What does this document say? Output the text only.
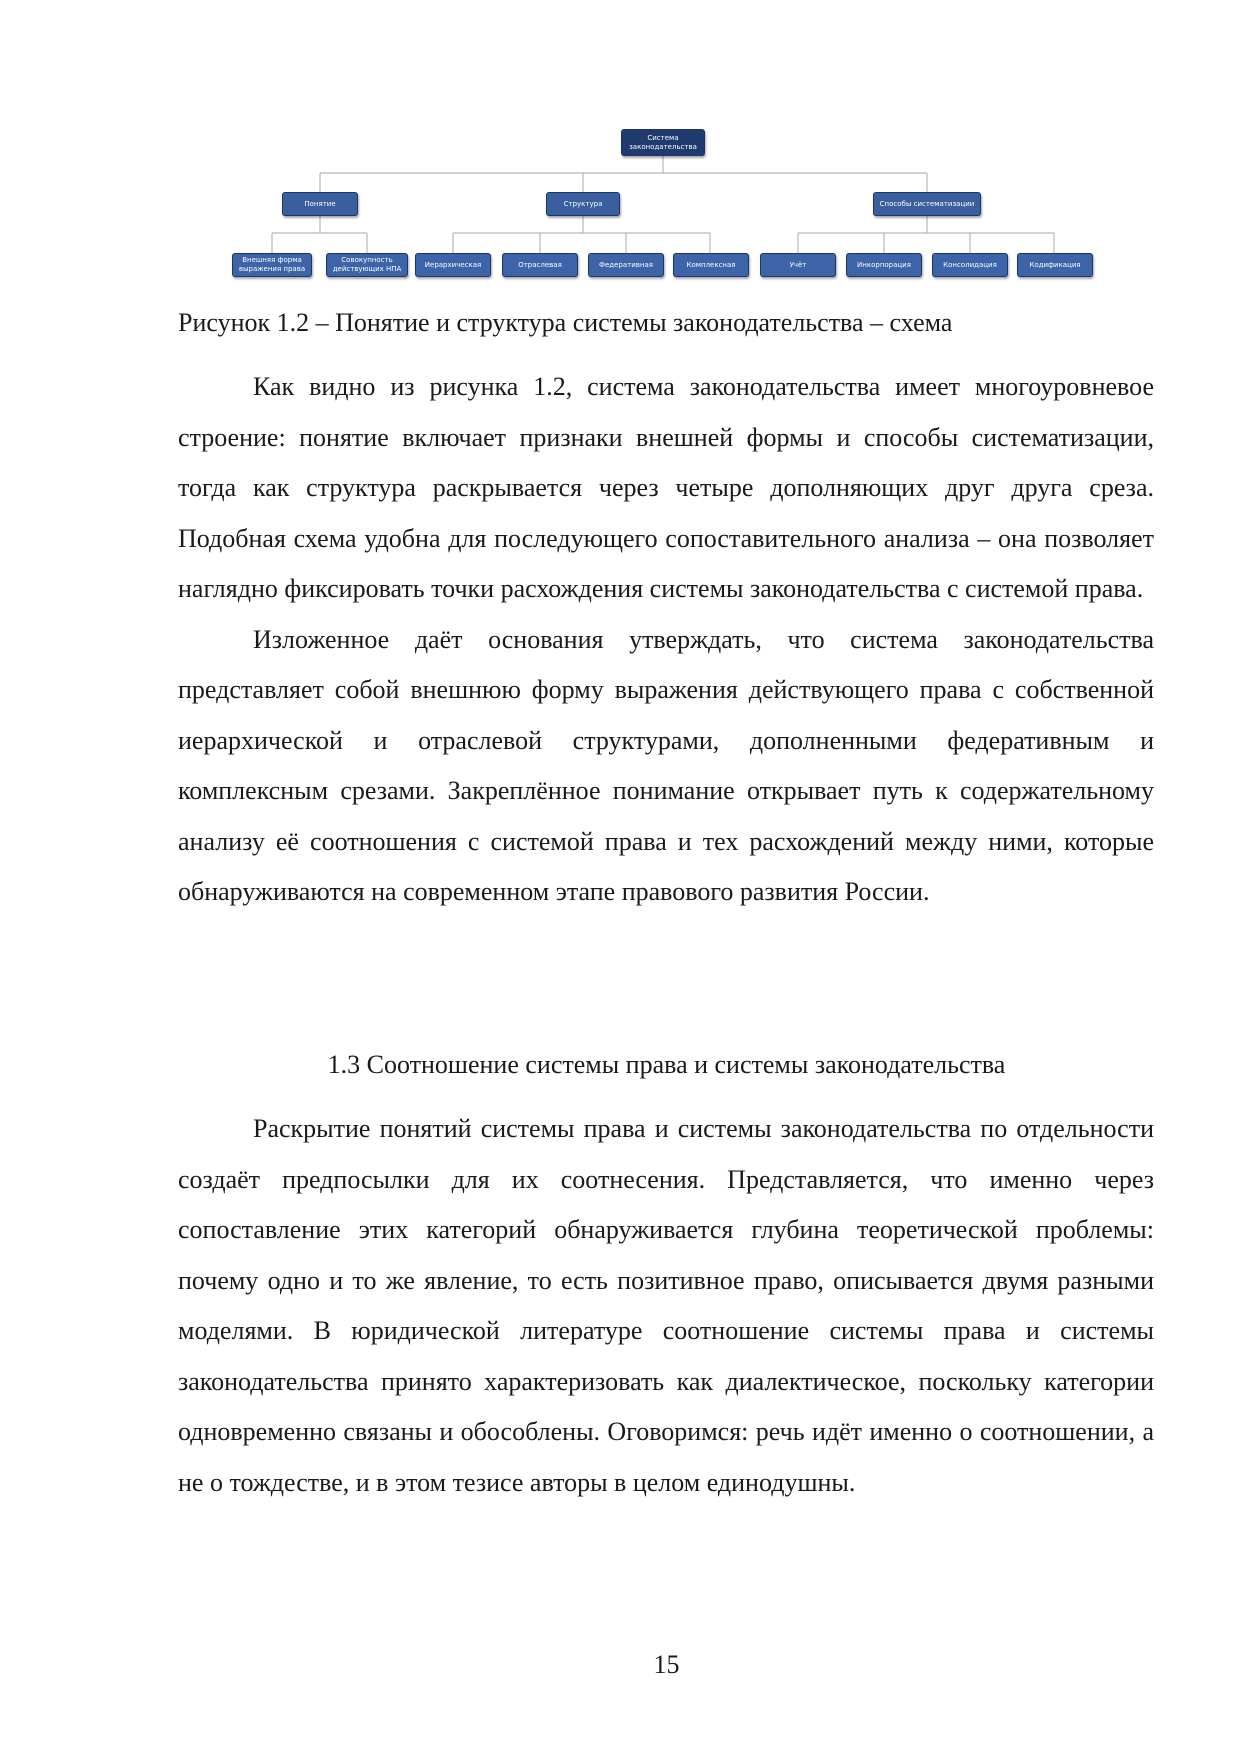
Система законодательства
Понятие	Структура	Способы систематизации
Внешняя форма выражения права
Совокупность действующих НПА
Иерархическая	Отраслевая	Федеративная	Комплексная	Учёт	Инкорпорация	Консолидация	Кодификация
Рисунок 1.2 – Понятие и структура системы законодательства – схема

Как видно из рисунка 1.2, система законодательства имеет многоуровневое строение: понятие включает признаки внешней формы и способы систематизации, тогда как структура раскрывается через четыре дополняющих друг друга среза. Подобная схема удобна для последующего сопоставительного анализа – она позволяет наглядно фиксировать точки расхождения системы законодательства с системой права.

Изложенное даёт основания утверждать, что система законодательства представляет собой внешнюю форму выражения действующего права с собственной иерархической и отраслевой структурами, дополненными федеративным и комплексным срезами. Закреплённое понимание открывает путь к содержательному анализу её соотношения с системой права и тех расхождений между ними, которые обнаруживаются на современном этапе правового развития России.

1.3 Соотношение системы права и системы законодательства

Раскрытие понятий системы права и системы законодательства по отдельности создаёт предпосылки для их соотнесения. Представляется, что именно через сопоставление этих категорий обнаруживается глубина теоретической проблемы: почему одно и то же явление, то есть позитивное право, описывается двумя разными моделями. В юридической литературе соотношение системы права и системы законодательства принято характеризовать как диалектическое, поскольку категории одновременно связаны и обособлены. Оговоримся: речь идёт именно о соотношении, а не о тождестве, и в этом тезисе авторы в целом единодушны.

15
